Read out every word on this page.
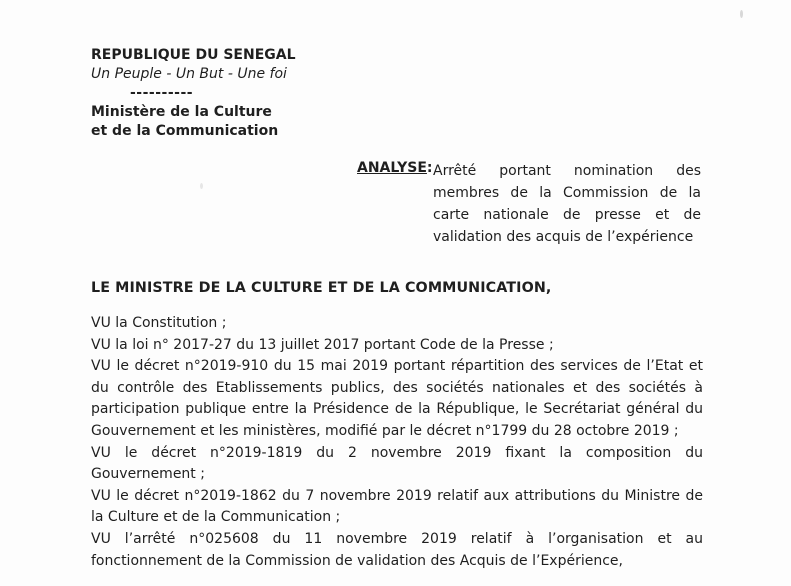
REPUBLIQUE DU SENEGAL
Un Peuple - Un But - Une foi
----------
Ministère de la Culture
et de la Communication
ANALYSE: Arrêté portant nomination des
membres de la Commission de la
carte nationale de presse et de
validation des acquis de l’expérience
LE MINISTRE DE LA CULTURE ET DE LA COMMUNICATION,
VU la Constitution ;
VU la loi n° 2017-27 du 13 juillet 2017 portant Code de la Presse ;
VU le décret n°2019-910 du 15 mai 2019 portant répartition des services de l’Etat et
du contrôle des Etablissements publics, des sociétés nationales et des sociétés à
participation publique entre la Présidence de la République, le Secrétariat général du
Gouvernement et les ministères, modifié par le décret n°1799 du 28 octobre 2019 ;
VU le décret n°2019-1819 du 2 novembre 2019 fixant la composition du
Gouvernement ;
VU le décret n°2019-1862 du 7 novembre 2019 relatif aux attributions du Ministre de
la Culture et de la Communication ;
VU l’arrêté n°025608 du 11 novembre 2019 relatif à l’organisation et au
fonctionnement de la Commission de validation des Acquis de l’Expérience,
